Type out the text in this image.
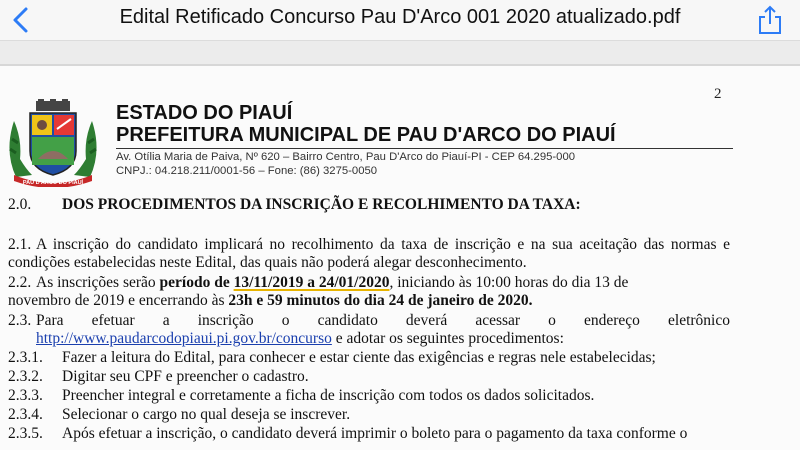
Edital Retificado Concurso Pau D'Arco 001 2020 atualizado.pdf
2
PAU D'ARCO DO PIAUÍ
ESTADO DO PIAUÍ
PREFEITURA MUNICIPAL DE PAU D'ARCO DO PIAUÍ
Av. Otília Maria de Paiva, Nº 620 – Bairro Centro, Pau D'Arco do Piauí-PI - CEP 64.295-000
CNPJ.: 04.218.211/0001-56 – Fone: (86) 3275-0050
2.0. DOS PROCEDIMENTOS DA INSCRIÇÃO E RECOLHIMENTO DA TAXA:
2.1. A inscrição do candidato implicará no recolhimento da taxa de inscrição e na sua aceitação das normas e
condições estabelecidas neste Edital, das quais não poderá alegar desconhecimento.
2.2. As inscrições serão período de 13/11/2019 a 24/01/2020, iniciando às 10:00 horas do dia 13 de
novembro de 2019 e encerrando às 23h e 59 minutos do dia 24 de janeiro de 2020.
2.3. Para efetuar a inscrição o candidato deverá acessar o endereço eletrônico
http://www.paudarcodopiaui.pi.gov.br/concurso e adotar os seguintes procedimentos:
2.3.1. Fazer a leitura do Edital, para conhecer e estar ciente das exigências e regras nele estabelecidas;
2.3.2. Digitar seu CPF e preencher o cadastro.
2.3.3. Preencher integral e corretamente a ficha de inscrição com todos os dados solicitados.
2.3.4. Selecionar o cargo no qual deseja se inscrever.
2.3.5. Após efetuar a inscrição, o candidato deverá imprimir o boleto para o pagamento da taxa conforme o
